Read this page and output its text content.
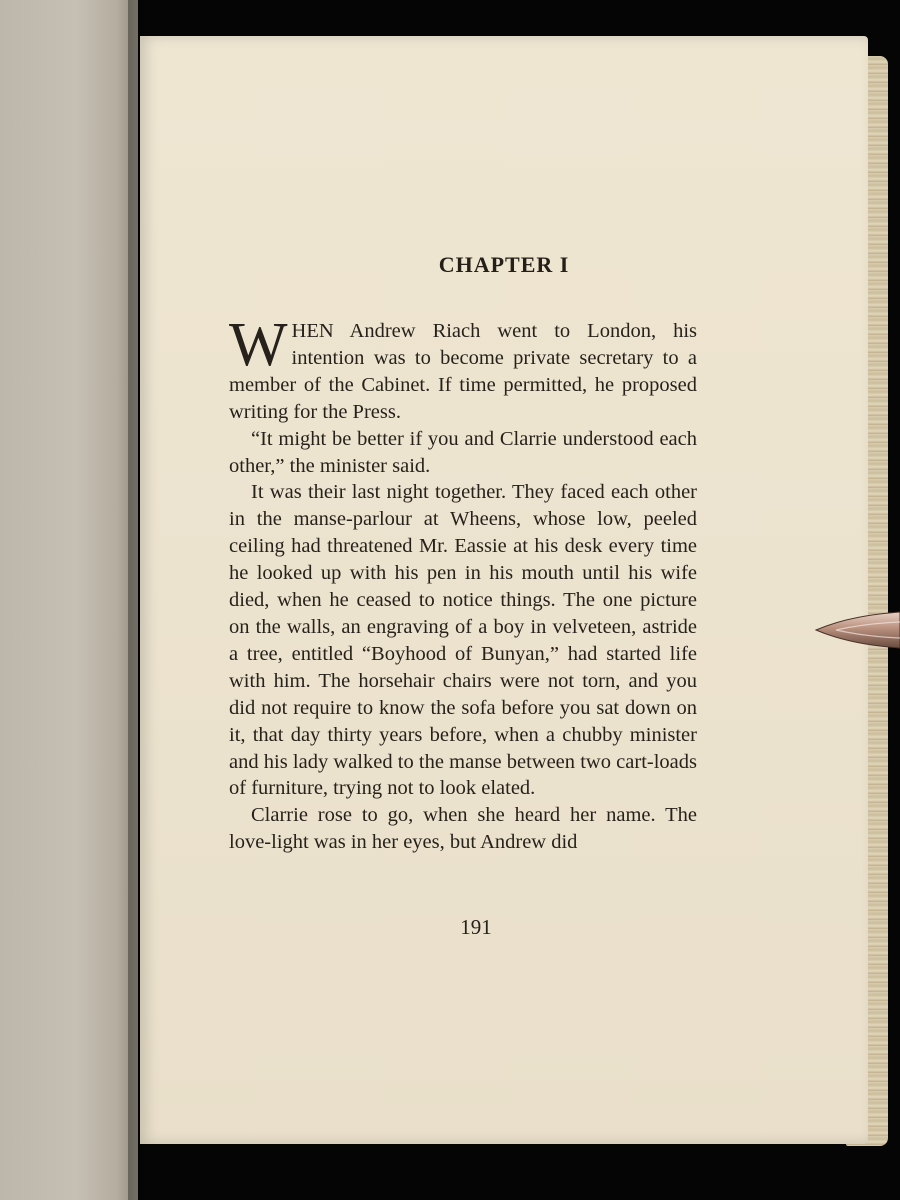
CHAPTER I

WHEN Andrew Riach went to London, his intention was to become private secretary to a member of the Cabinet. If time permitted, he proposed writing for the Press.

“It might be better if you and Clarrie understood each other,” the minister said.

It was their last night together. They faced each other in the manse-parlour at Wheens, whose low, peeled ceiling had threatened Mr. Eassie at his desk every time he looked up with his pen in his mouth until his wife died, when he ceased to notice things. The one picture on the walls, an engraving of a boy in velveteen, astride a tree, entitled “Boyhood of Bunyan,” had started life with him. The horsehair chairs were not torn, and you did not require to know the sofa before you sat down on it, that day thirty years before, when a chubby minister and his lady walked to the manse between two cart-loads of furniture, trying not to look elated.

Clarrie rose to go, when she heard her name. The love-light was in her eyes, but Andrew did

191
